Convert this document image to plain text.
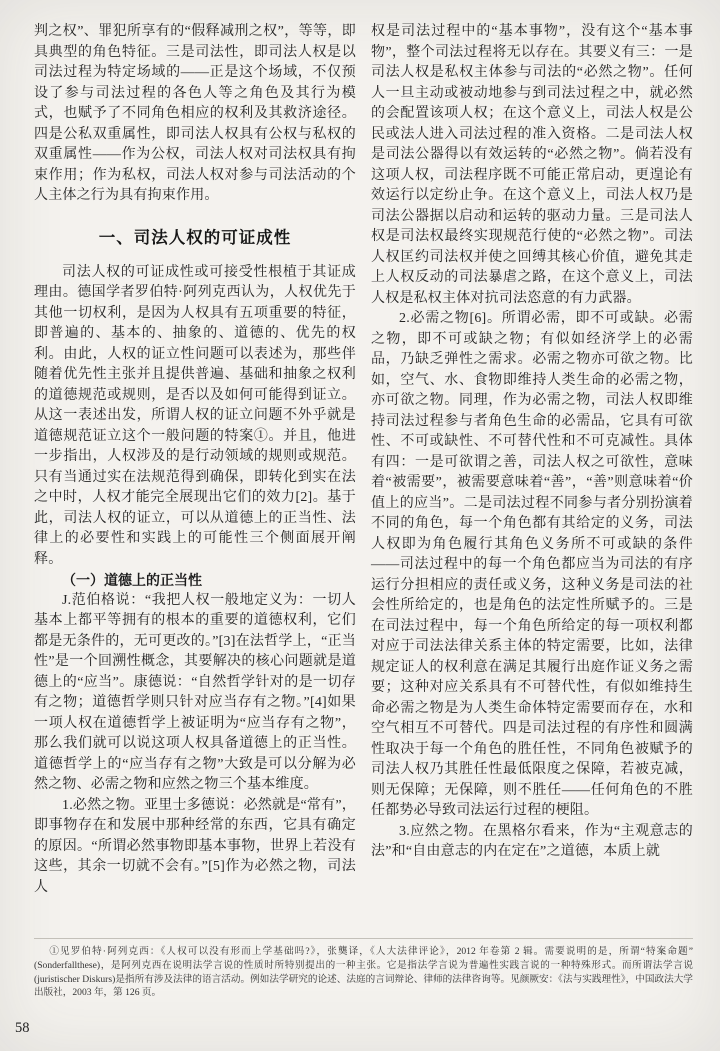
判之权”、罪犯所享有的“假释减刑之权”，等等，即具典型的角色特征。三是司法性，即司法人权是以司法过程为特定场域的——正是这个场域，不仅预设了参与司法过程的各色人等之角色及其行为模式，也赋予了不同角色相应的权利及其救济途径。四是公私双重属性，即司法人权具有公权与私权的双重属性——作为公权，司法人权对司法权具有拘束作用；作为私权，司法人权对参与司法活动的个人主体之行为具有拘束作用。

一、司法人权的可证成性

司法人权的可证成性或可接受性根植于其证成理由。德国学者罗伯特·阿列克西认为，人权优先于其他一切权利，是因为人权具有五项重要的特征，即普遍的、基本的、抽象的、道德的、优先的权利。由此，人权的证立性问题可以表述为，那些伴随着优先性主张并且提供普遍、基础和抽象之权利的道德规范或规则，是否以及如何可能得到证立。从这一表述出发，所谓人权的证立问题不外乎就是道德规范证立这个一般问题的特案①。并且，他进一步指出，人权涉及的是行动领域的规则或规范。只有当通过实在法规范得到确保，即转化到实在法之中时，人权才能完全展现出它们的效力[2]。基于此，司法人权的证立，可以从道德上的正当性、法律上的必要性和实践上的可能性三个侧面展开阐释。

（一）道德上的正当性

J.范伯格说：“我把人权一般地定义为：一切人基本上都平等拥有的根本的重要的道德权利，它们都是无条件的，无可更改的。”[3]在法哲学上，“正当性”是一个回溯性概念，其要解决的核心问题就是道德上的“应当”。康德说：“自然哲学针对的是一切存有之物；道德哲学则只针对应当存有之物。”[4]如果一项人权在道德哲学上被证明为“应当存有之物”，那么我们就可以说这项人权具备道德上的正当性。道德哲学上的“应当存有之物”大致是可以分解为必然之物、必需之物和应然之物三个基本维度。

1.必然之物。亚里士多德说：必然就是“常有”，即事物存在和发展中那种经常的东西，它具有确定的原因。“所谓必然事物即基本事物，世界上若没有这些，其余一切就不会有。”[5]作为必然之物，司法人

权是司法过程中的“基本事物”，没有这个“基本事物”，整个司法过程将无以存在。其要义有三：一是司法人权是私权主体参与司法的“必然之物”。任何人一旦主动或被动地参与到司法过程之中，就必然的会配置该项人权；在这个意义上，司法人权是公民或法人进入司法过程的准入资格。二是司法人权是司法公器得以有效运转的“必然之物”。倘若没有这项人权，司法程序既不可能正常启动，更遑论有效运行以定纷止争。在这个意义上，司法人权乃是司法公器据以启动和运转的驱动力量。三是司法人权是司法权最终实现规范行使的“必然之物”。司法人权匡约司法权并使之回缚其核心价值，避免其走上人权反动的司法暴虐之路，在这个意义上，司法人权是私权主体对抗司法恣意的有力武器。

2.必需之物[6]。所谓必需，即不可或缺。必需之物，即不可或缺之物；有似如经济学上的必需品，乃缺乏弹性之需求。必需之物亦可欲之物。比如，空气、水、食物即维持人类生命的必需之物，亦可欲之物。同理，作为必需之物，司法人权即维持司法过程参与者角色生命的必需品，它具有可欲性、不可或缺性、不可替代性和不可克减性。具体有四：一是可欲谓之善，司法人权之可欲性，意味着“被需要”，被需要意味着“善”，“善”则意味着“价值上的应当”。二是司法过程不同参与者分别扮演着不同的角色，每一个角色都有其给定的义务，司法人权即为角色履行其角色义务所不可或缺的条件——司法过程中的每一个角色都应当为司法的有序运行分担相应的责任或义务，这种义务是司法的社会性所给定的，也是角色的法定性所赋予的。三是在司法过程中，每一个角色所给定的每一项权利都对应于司法法律关系主体的特定需要，比如，法律规定证人的权利意在满足其履行出庭作证义务之需要；这种对应关系具有不可替代性，有似如维持生命必需之物是为人类生命体特定需要而存在，水和空气相互不可替代。四是司法过程的有序性和圆满性取决于每一个角色的胜任性，不同角色被赋予的司法人权乃其胜任性最低限度之保障，若被克减，则无保障；无保障，则不胜任——任何角色的不胜任都势必导致司法运行过程的梗阻。

3.应然之物。在黑格尔看来，作为“主观意志的法”和“自由意志的内在定在”之道德，本质上就

①见罗伯特·阿列克西：《人权可以没有形而上学基础吗?》，张龑译，《人大法律评论》，2012 年卷第 2 辑。需要说明的是，所谓“特案命题”(Sonderfallthese)，是阿列克西在说明法学言说的性质时所特别提出的一种主张。它是指法学言说为普遍性实践言说的一种特殊形式。而所谓法学言说(juristischer Diskurs)是指所有涉及法律的语言活动。例如法学研究的论述、法庭的言词辩论、律师的法律咨询等。见颜厥安：《法与实践理性》，中国政法大学出版社，2003 年，第 126 页。

58
